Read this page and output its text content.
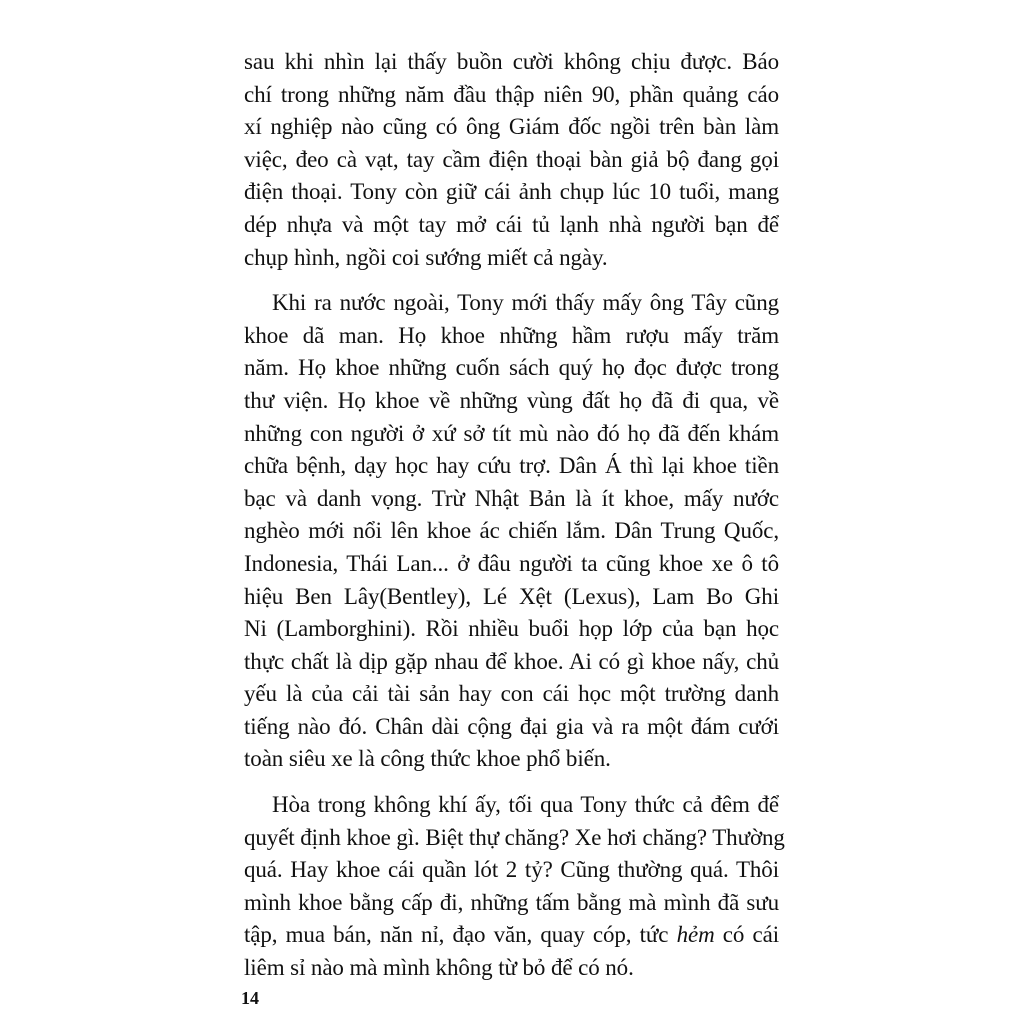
sau khi nhìn lại thấy buồn cười không chịu được. Báo
chí trong những năm đầu thập niên 90, phần quảng cáo
xí nghiệp nào cũng có ông Giám đốc ngồi trên bàn làm
việc, đeo cà vạt, tay cầm điện thoại bàn giả bộ đang gọi
điện thoại. Tony còn giữ cái ảnh chụp lúc 10 tuổi, mang
dép nhựa và một tay mở cái tủ lạnh nhà người bạn để
chụp hình, ngồi coi sướng miết cả ngày.
Khi ra nước ngoài, Tony mới thấy mấy ông Tây cũng
khoe dã man. Họ khoe những hầm rượu mấy trăm
năm. Họ khoe những cuốn sách quý họ đọc được trong
thư viện. Họ khoe về những vùng đất họ đã đi qua, về
những con người ở xứ sở tít mù nào đó họ đã đến khám
chữa bệnh, dạy học hay cứu trợ. Dân Á thì lại khoe tiền
bạc và danh vọng. Trừ Nhật Bản là ít khoe, mấy nước
nghèo mới nổi lên khoe ác chiến lắm. Dân Trung Quốc,
Indonesia, Thái Lan... ở đâu người ta cũng khoe xe ô tô
hiệu Ben Lây(Bentley), Lé Xệt (Lexus), Lam Bo Ghi
Ni (Lamborghini). Rồi nhiều buổi họp lớp của bạn học
thực chất là dịp gặp nhau để khoe. Ai có gì khoe nấy, chủ
yếu là của cải tài sản hay con cái học một trường danh
tiếng nào đó. Chân dài cộng đại gia và ra một đám cưới
toàn siêu xe là công thức khoe phổ biến.
Hòa trong không khí ấy, tối qua Tony thức cả đêm để
quyết định khoe gì. Biệt thự chăng? Xe hơi chăng? Thường
quá. Hay khoe cái quần lót 2 tỷ? Cũng thường quá. Thôi
mình khoe bằng cấp đi, những tấm bằng mà mình đã sưu
tập, mua bán, năn nỉ, đạo văn, quay cóp, tức hẻm có cái
liêm sỉ nào mà mình không từ bỏ để có nó.
14
